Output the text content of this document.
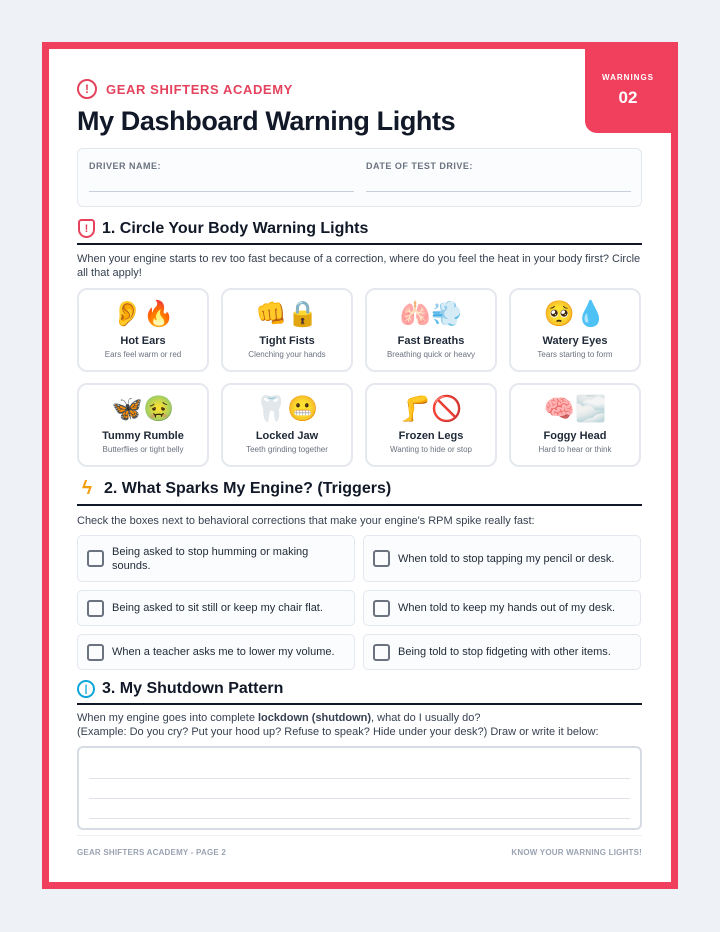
WARNINGS
02
!	GEAR SHIFTERS ACADEMY
My Dashboard Warning Lights
DRIVER NAME:	DATE OF TEST DRIVE:
! 1. Circle Your Body Warning Lights
When your engine starts to rev too fast because of a correction, where do you feel the heat in your body first? Circle all that apply!
👂🔥
Hot Ears
Ears feel warm or red
👊🔒
Tight Fists
Clenching your hands
🫁💨
Fast Breaths
Breathing quick or heavy
🥺💧
Watery Eyes
Tears starting to form
🦋🤢
Tummy Rumble
Butterflies or tight belly
🦷😬
Locked Jaw
Teeth grinding together
🦵🚫
Frozen Legs
Wanting to hide or stop
🧠🌫️
Foggy Head
Hard to hear or think
ϟ 2. What Sparks My Engine? (Triggers)
Check the boxes next to behavioral corrections that make your engine's RPM spike really fast:
Being asked to stop humming or making sounds.
When told to stop tapping my pencil or desk.
Being asked to sit still or keep my chair flat.	When told to keep my hands out of my desk.
When a teacher asks me to lower my volume.	Being told to stop fidgeting with other items.
| 3. My Shutdown Pattern
When my engine goes into complete lockdown (shutdown), what do I usually do?
(Example: Do you cry? Put your hood up? Refuse to speak? Hide under your desk?) Draw or write it below:
GEAR SHIFTERS ACADEMY - PAGE 2	KNOW YOUR WARNING LIGHTS!
